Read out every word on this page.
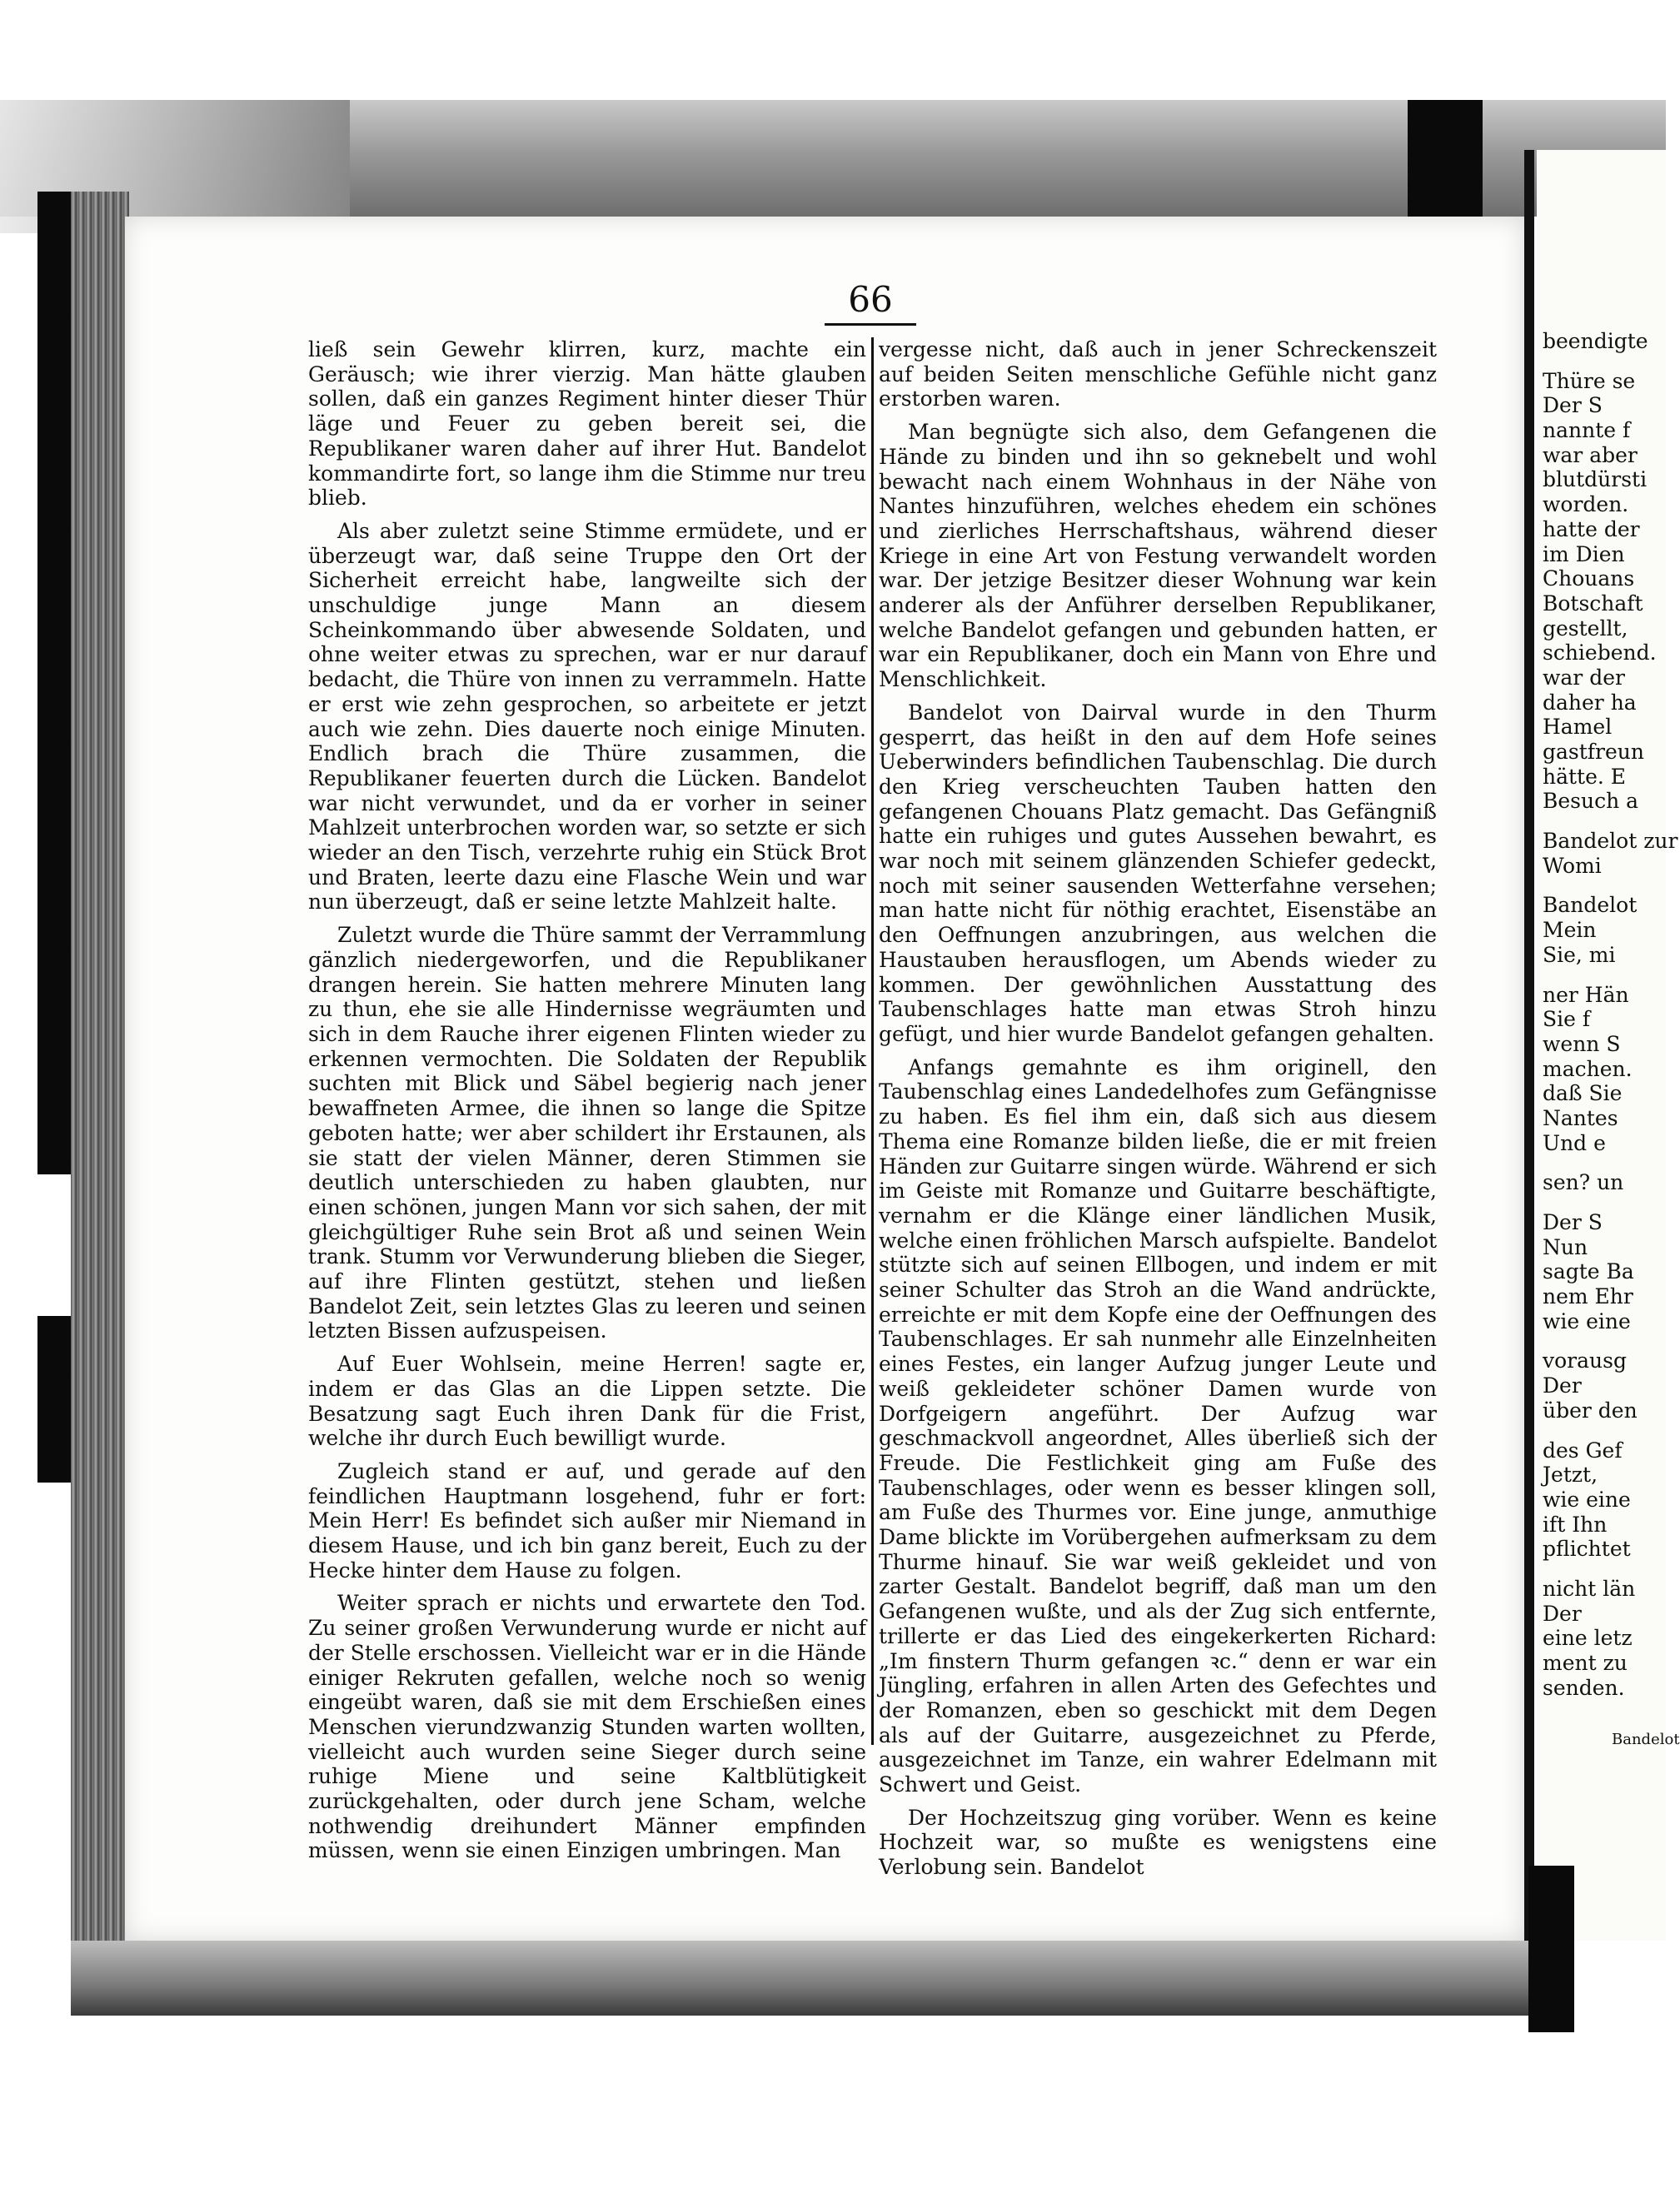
66

ließ sein Gewehr klirren, kurz, machte ein Geräusch; wie ihrer vierzig. Man hätte glauben sollen, daß ein ganzes Regiment hinter dieser Thür läge und Feuer zu geben bereit sei, die Republikaner waren daher auf ihrer Hut. Bandelot kommandirte fort, so lange ihm die Stimme nur treu blieb.

Als aber zuletzt seine Stimme ermüdete, und er überzeugt war, daß seine Truppe den Ort der Sicherheit erreicht habe, langweilte sich der unschuldige junge Mann an diesem Scheinkommando über abwesende Soldaten, und ohne weiter etwas zu sprechen, war er nur darauf bedacht, die Thüre von innen zu verrammeln. Hatte er erst wie zehn gesprochen, so arbeitete er jetzt auch wie zehn. Dies dauerte noch einige Minuten. Endlich brach die Thüre zusammen, die Republikaner feuerten durch die Lücken. Bandelot war nicht verwundet, und da er vorher in seiner Mahlzeit unterbrochen worden war, so setzte er sich wieder an den Tisch, verzehrte ruhig ein Stück Brot und Braten, leerte dazu eine Flasche Wein und war nun überzeugt, daß er seine letzte Mahlzeit halte.

Zuletzt wurde die Thüre sammt der Verrammlung gänzlich niedergeworfen, und die Republikaner drangen herein. Sie hatten mehrere Minuten lang zu thun, ehe sie alle Hindernisse wegräumten und sich in dem Rauche ihrer eigenen Flinten wieder zu erkennen vermochten. Die Soldaten der Republik suchten mit Blick und Säbel begierig nach jener bewaffneten Armee, die ihnen so lange die Spitze geboten hatte; wer aber schildert ihr Erstaunen, als sie statt der vielen Männer, deren Stimmen sie deutlich unterschieden zu haben glaubten, nur einen schönen, jungen Mann vor sich sahen, der mit gleichgültiger Ruhe sein Brot aß und seinen Wein trank. Stumm vor Verwunderung blieben die Sieger, auf ihre Flinten gestützt, stehen und ließen Bandelot Zeit, sein letztes Glas zu leeren und seinen letzten Bissen aufzuspeisen.

Auf Euer Wohlsein, meine Herren! sagte er, indem er das Glas an die Lippen setzte. Die Besatzung sagt Euch ihren Dank für die Frist, welche ihr durch Euch bewilligt wurde.

Zugleich stand er auf, und gerade auf den feindlichen Hauptmann losgehend, fuhr er fort: Mein Herr! Es befindet sich außer mir Niemand in diesem Hause, und ich bin ganz bereit, Euch zu der Hecke hinter dem Hause zu folgen.

Weiter sprach er nichts und erwartete den Tod. Zu seiner großen Verwunderung wurde er nicht auf der Stelle erschossen. Vielleicht war er in die Hände einiger Rekruten gefallen, welche noch so wenig eingeübt waren, daß sie mit dem Erschießen eines Menschen vierundzwanzig Stunden warten wollten, vielleicht auch wurden seine Sieger durch seine ruhige Miene und seine Kaltblütigkeit zurückgehalten, oder durch jene Scham, welche nothwendig dreihundert Männer empfinden müssen, wenn sie einen Einzigen umbringen. Man

vergesse nicht, daß auch in jener Schreckenszeit auf beiden Seiten menschliche Gefühle nicht ganz erstorben waren.

Man begnügte sich also, dem Gefangenen die Hände zu binden und ihn so geknebelt und wohl bewacht nach einem Wohnhaus in der Nähe von Nantes hinzuführen, welches ehedem ein schönes und zierliches Herrschaftshaus, während dieser Kriege in eine Art von Festung verwandelt worden war. Der jetzige Besitzer dieser Wohnung war kein anderer als der Anführer derselben Republikaner, welche Bandelot gefangen und gebunden hatten, er war ein Republikaner, doch ein Mann von Ehre und Menschlichkeit.

Bandelot von Dairval wurde in den Thurm gesperrt, das heißt in den auf dem Hofe seines Ueberwinders befindlichen Taubenschlag. Die durch den Krieg verscheuchten Tauben hatten den gefangenen Chouans Platz gemacht. Das Gefängniß hatte ein ruhiges und gutes Aussehen bewahrt, es war noch mit seinem glänzenden Schiefer gedeckt, noch mit seiner sausenden Wetterfahne versehen; man hatte nicht für nöthig erachtet, Eisenstäbe an den Oeffnungen anzubringen, aus welchen die Haustauben herausflogen, um Abends wieder zu kommen. Der gewöhnlichen Ausstattung des Taubenschlages hatte man etwas Stroh hinzu gefügt, und hier wurde Bandelot gefangen gehalten.

Anfangs gemahnte es ihm originell, den Taubenschlag eines Landedelhofes zum Gefängnisse zu haben. Es fiel ihm ein, daß sich aus diesem Thema eine Romanze bilden ließe, die er mit freien Händen zur Guitarre singen würde. Während er sich im Geiste mit Romanze und Guitarre beschäftigte, vernahm er die Klänge einer ländlichen Musik, welche einen fröhlichen Marsch aufspielte. Bandelot stützte sich auf seinen Ellbogen, und indem er mit seiner Schulter das Stroh an die Wand andrückte, erreichte er mit dem Kopfe eine der Oeffnungen des Taubenschlages. Er sah nunmehr alle Einzelnheiten eines Festes, ein langer Aufzug junger Leute und weiß gekleideter schöner Damen wurde von Dorfgeigern angeführt. Der Aufzug war geschmackvoll angeordnet, Alles überließ sich der Freude. Die Festlichkeit ging am Fuße des Taubenschlages, oder wenn es besser klingen soll, am Fuße des Thurmes vor. Eine junge, anmuthige Dame blickte im Vorübergehen aufmerksam zu dem Thurme hinauf. Sie war weiß gekleidet und von zarter Gestalt. Bandelot begriff, daß man um den Gefangenen wußte, und als der Zug sich entfernte, trillerte er das Lied des eingekerkerten Richard: „Im finstern Thurm gefangen ꝛc.“ denn er war ein Jüngling, erfahren in allen Arten des Gefechtes und der Romanzen, eben so geschickt mit dem Degen als auf der Guitarre, ausgezeichnet zu Pferde, ausgezeichnet im Tanze, ein wahrer Edelmann mit Schwert und Geist.

Der Hochzeitszug ging vorüber. Wenn es keine Hochzeit war, so mußte es wenigstens eine Verlobung sein. Bandelot

beendigte
Thüre se
Der S
nannte f
war aber
blutdürsti
worden.
hatte der
im Dien
Chouans
Botschaft
gestellt,
schiebend.
war der
daher ha
Hamel
gastfreun
hätte. E
Besuch a
Bandelot zur
Womi
Bandelot
Mein
Sie, mi
ner Hän
Sie f
wenn S
machen.
daß Sie
Nantes
Und e
sen? un
Der S
Nun
sagte Ba
nem Ehr
wie eine
vorausg
Der
über den
des Gef
Jetzt,
wie eine
ift Ihn
pflichtet
nicht län
Der
eine letz
ment zu
senden.
Bandelot
